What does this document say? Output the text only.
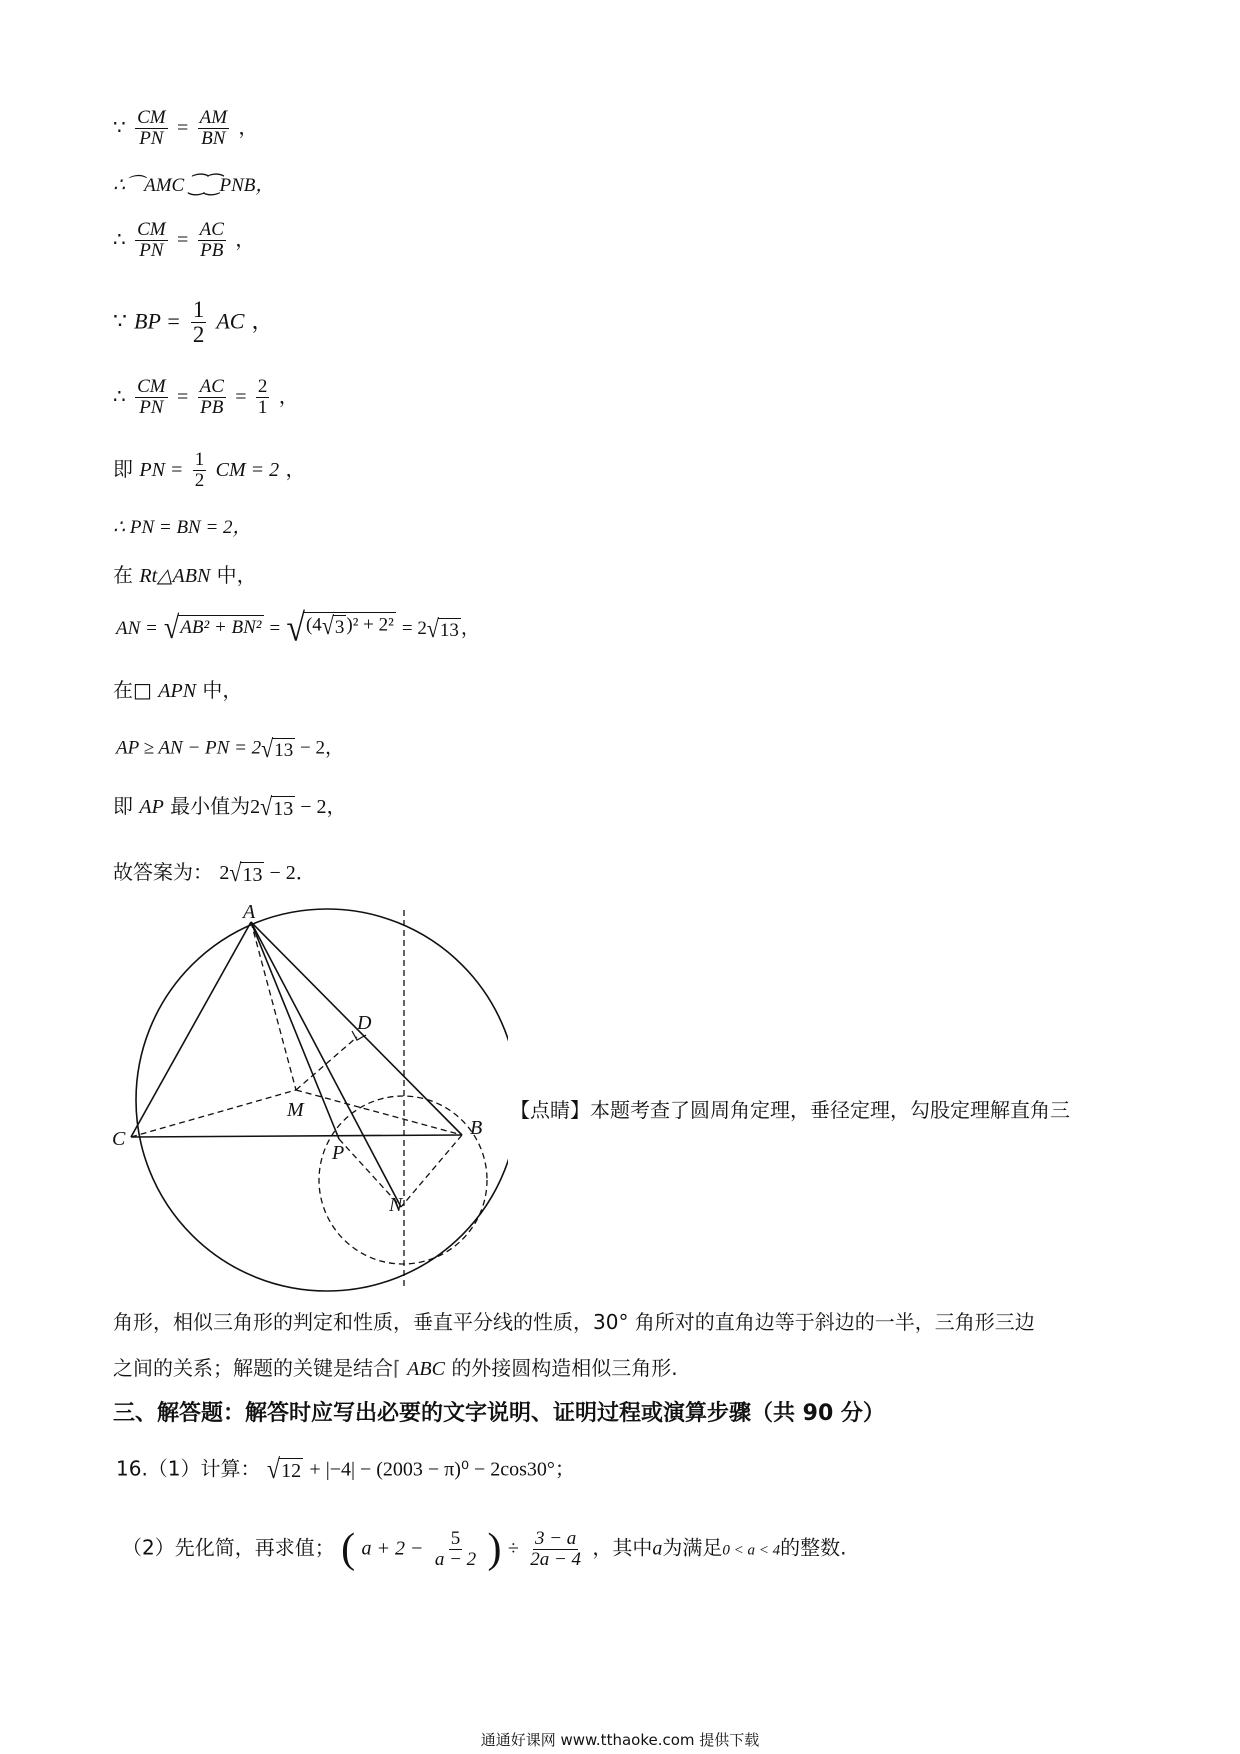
∵ $\frac{CM}{PN} = \frac{AM}{BN}$ ，
∴⌒AMC ⁐⁐PNB，
∴ $\frac{CM}{PN} = \frac{AC}{PB}$ ，
∵ BP = $\frac{1}{2}$ AC ，
∴ $\frac{CM}{PN} = \frac{AC}{PB} = \frac{2}{1}$ ，
即 PN = $\frac{1}{2}$ CM = 2 ，
∴ PN = BN = 2，
在 Rt△ABN 中，
AN = √ AB² + BN² = √ (4 √ 3 )² + 2² = 2 √ 13 ，
在□ APN 中，
AP ≥ AN − PN = 2 √ 13 − 2，
即 AP 最小值为2 √ 13 − 2，
故答案为： 2 √ 13 − 2．
A
B
C
D
M
N
P
【点睛】本题考查了圆周角定理，垂径定理，勾股定理解直角三
角形，相似三角形的判定和性质，垂直平分线的性质，30° 角所对的直角边等于斜边的一半，三角形三边
之间的关系；解题的关键是结合⌈ ABC 的外接圆构造相似三角形.
三、解答题：解答时应写出必要的文字说明、证明过程或演算步骤（共 90 分）
16.（1）计算： √ 12 + |−4| − (2003 − π)⁰ − 2cos30°；
（2）先化简，再求值； ( $a + 2 - \frac{5}{a - 2}$ ) ÷ $\frac{3 - a}{2a - 4}$ ，其中a为满足0 < a < 4的整数.
通通好课网 www.tthaoke.com 提供下载
